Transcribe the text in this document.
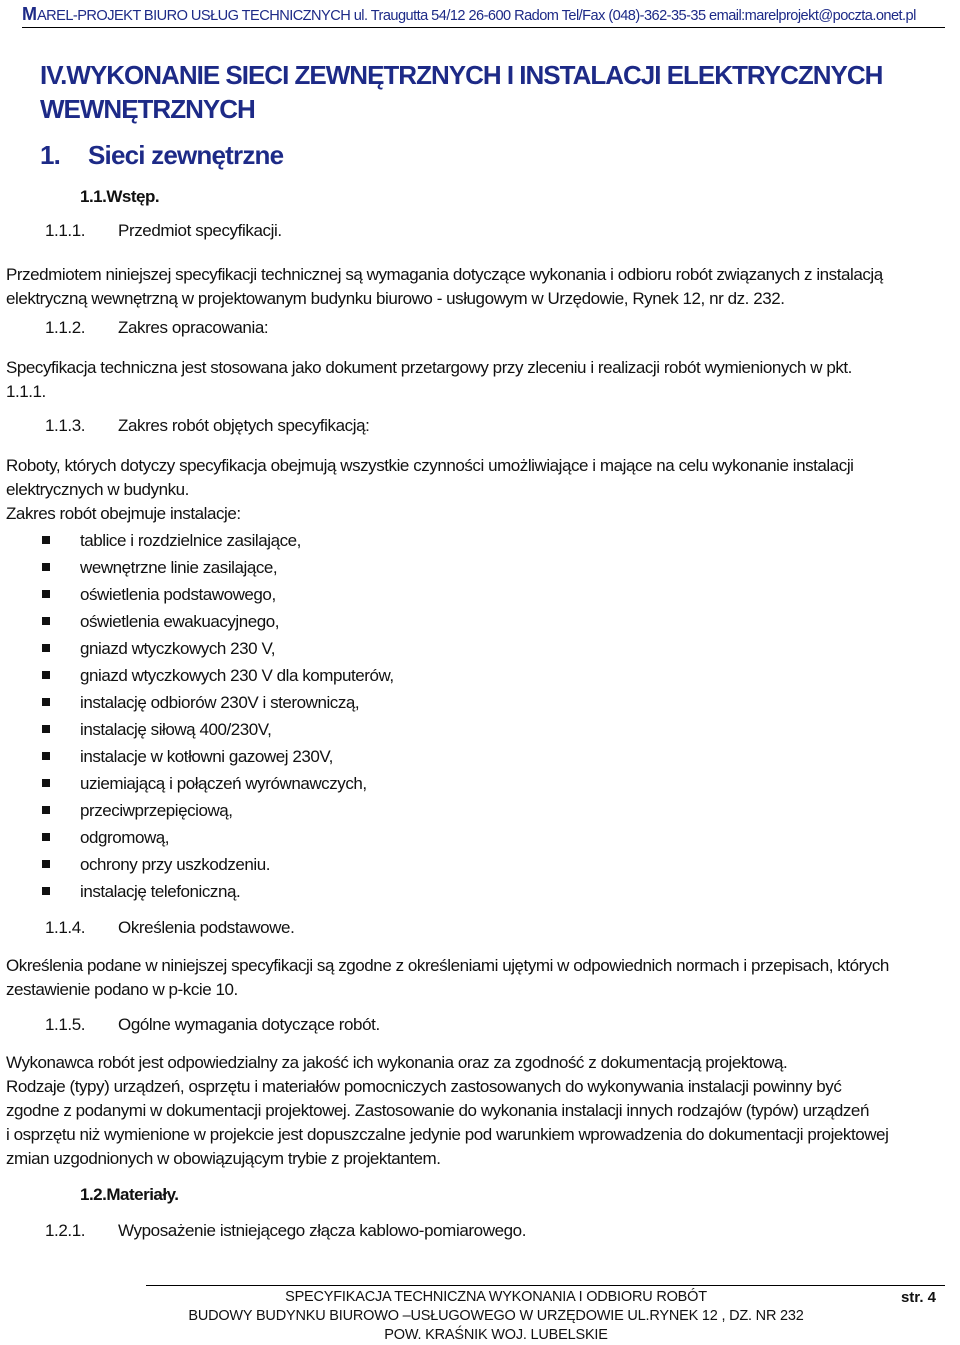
MAREL-PROJEKT BIURO USŁUG TECHNICZNYCH ul. Traugutta 54/12 26-600 Radom Tel/Fax (048)-362-35-35 email:marelprojekt@poczta.onet.pl
IV.WYKONANIE SIECI ZEWNĘTRZNYCH I INSTALACJI ELEKTRYCZNYCH WEWNĘTRZNYCH
1. Sieci zewnętrzne
1.1.Wstęp.
1.1.1. Przedmiot specyfikacji.
Przedmiotem niniejszej specyfikacji technicznej są wymagania dotyczące wykonania i odbioru robót związanych z instalacją
elektryczną wewnętrzną w projektowanym budynku biurowo - usługowym w Urzędowie, Rynek 12, nr dz. 232.
1.1.2. Zakres opracowania:
Specyfikacja techniczna jest stosowana jako dokument przetargowy przy zleceniu i realizacji robót wymienionych w pkt.
1.1.1.
1.1.3. Zakres robót objętych specyfikacją:
Roboty, których dotyczy specyfikacja obejmują wszystkie czynności umożliwiające i mające na celu wykonanie instalacji
elektrycznych w budynku.
Zakres robót obejmuje instalacje:
tablice i rozdzielnice zasilające,
wewnętrzne linie zasilające,
oświetlenia podstawowego,
oświetlenia ewakuacyjnego,
gniazd wtyczkowych 230 V,
gniazd wtyczkowych 230 V dla komputerów,
instalację odbiorów 230V i sterowniczą,
instalację siłową 400/230V,
instalacje w kotłowni gazowej 230V,
uziemiającą i połączeń wyrównawczych,
przeciwprzepięciową,
odgromową,
ochrony przy uszkodzeniu.
instalację telefoniczną.
1.1.4. Określenia podstawowe.
Określenia podane w niniejszej specyfikacji są zgodne z określeniami ujętymi w odpowiednich normach i przepisach, których
zestawienie podano w p-kcie 10.
1.1.5. Ogólne wymagania dotyczące robót.
Wykonawca robót jest odpowiedzialny za jakość ich wykonania oraz za zgodność z dokumentacją projektową.
Rodzaje (typy) urządzeń, osprzętu i materiałów pomocniczych zastosowanych do wykonywania instalacji powinny być
zgodne z podanymi w dokumentacji projektowej. Zastosowanie do wykonania instalacji innych rodzajów (typów) urządzeń
i osprzętu niż wymienione w projekcie jest dopuszczalne jedynie pod warunkiem wprowadzenia do dokumentacji projektowej
zmian uzgodnionych w obowiązującym trybie z projektantem.
1.2.Materiały.
1.2.1. Wyposażenie istniejącego złącza kablowo-pomiarowego.
SPECYFIKACJA TECHNICZNA WYKONANIA I ODBIORU ROBÓT
BUDOWY BUDYNKU BIUROWO –USŁUGOWEGO W URZĘDOWIE UL.RYNEK 12 , DZ. NR 232
POW. KRAŚNIK WOJ. LUBELSKIE
str. 4
